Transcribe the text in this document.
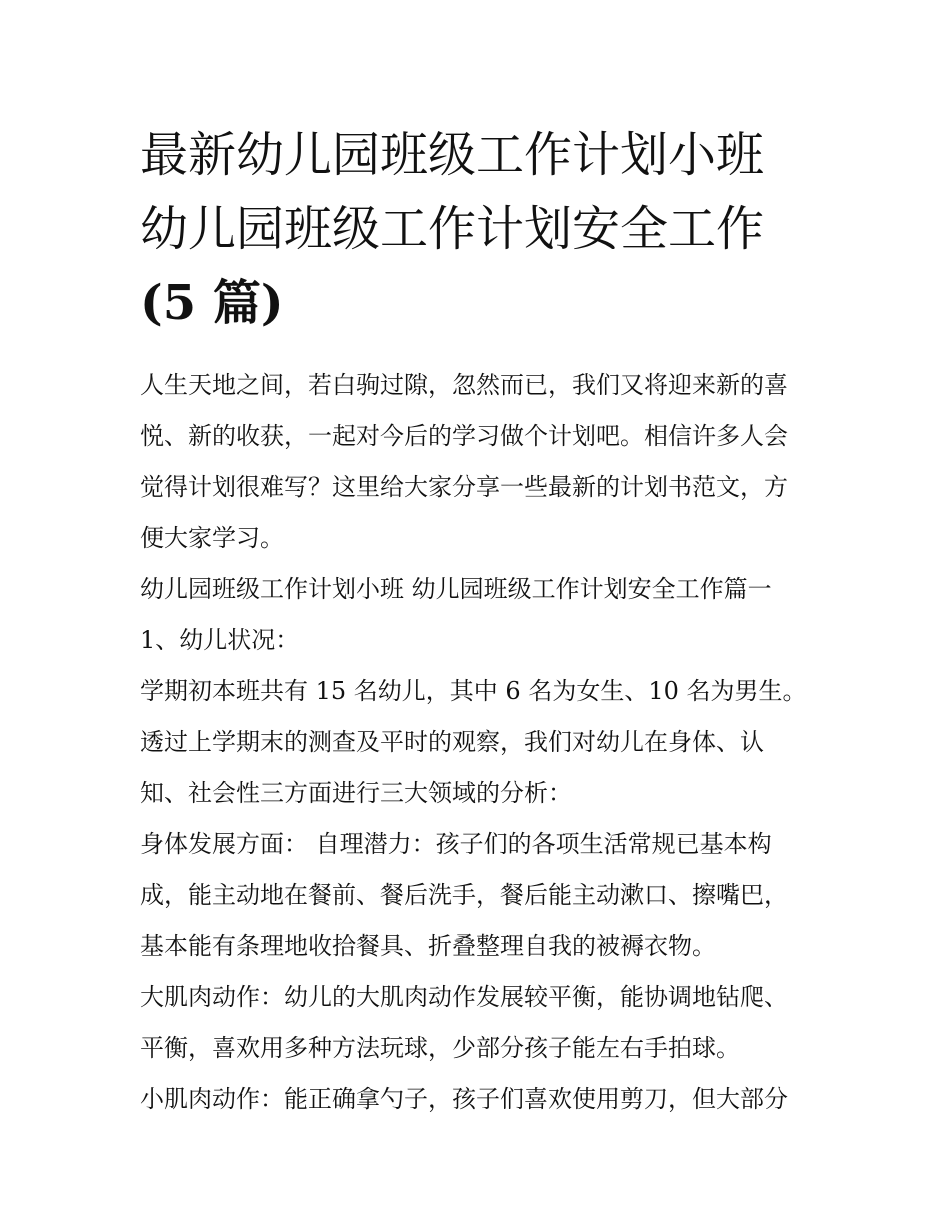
最新幼儿园班级工作计划小班

幼儿园班级工作计划安全工作

(5 篇)

人生天地之间，若白驹过隙，忽然而已，我们又将迎来新的喜

悦、新的收获，一起对今后的学习做个计划吧。相信许多人会

觉得计划很难写？这里给大家分享一些最新的计划书范文，方

便大家学习。

幼儿园班级工作计划小班 幼儿园班级工作计划安全工作篇一

1、幼儿状况：

学期初本班共有 15 名幼儿，其中 6 名为女生、10 名为男生。

透过上学期末的测查及平时的观察，我们对幼儿在身体、认

知、社会性三方面进行三大领域的分析：

身体发展方面： 自理潜力：孩子们的各项生活常规已基本构

成，能主动地在餐前、餐后洗手，餐后能主动漱口、擦嘴巴，

基本能有条理地收拾餐具、折叠整理自我的被褥衣物。

大肌肉动作：幼儿的大肌肉动作发展较平衡，能协调地钻爬、

平衡，喜欢用多种方法玩球，少部分孩子能左右手拍球。

小肌肉动作：能正确拿勺子，孩子们喜欢使用剪刀，但大部分
